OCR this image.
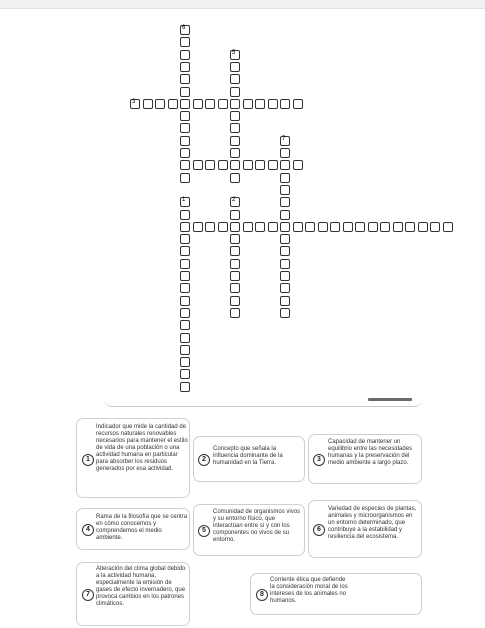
6
5
3
7
1	2
1
Indicador que mide la cantidad de recursos naturales renovables necesarios para mantener el estilo de vida de una población o una actividad humana en particular para absorber los residuos generados por esa actividad.
2
Concepto que señala la influencia dominante de la humanidad en la Tierra.	3
Capacidad de mantener un equilibrio entre las necesidades humanas y la preservación del medio ambiente a largo plazo.
4
Rama de la filosofía que se centra en cómo conocemos y comprendemos el medio ambiente.
5
Comunidad de organismos vivos y su entorno físico, que interactúan entre sí y con los componentes no vivos de su entorno.
6
Variedad de especies de plantas, animales y microorganismos en un entorno determinado, que contribuye a la estabilidad y resiliencia del ecosistema.
7
Alteración del clima global debido a la actividad humana, especialmente la emisión de gases de efecto invernadero, que provoca cambios en los patrones climáticos.
8
Corriente ética que defiende la consideración moral de los intereses de los animales no humanos.
